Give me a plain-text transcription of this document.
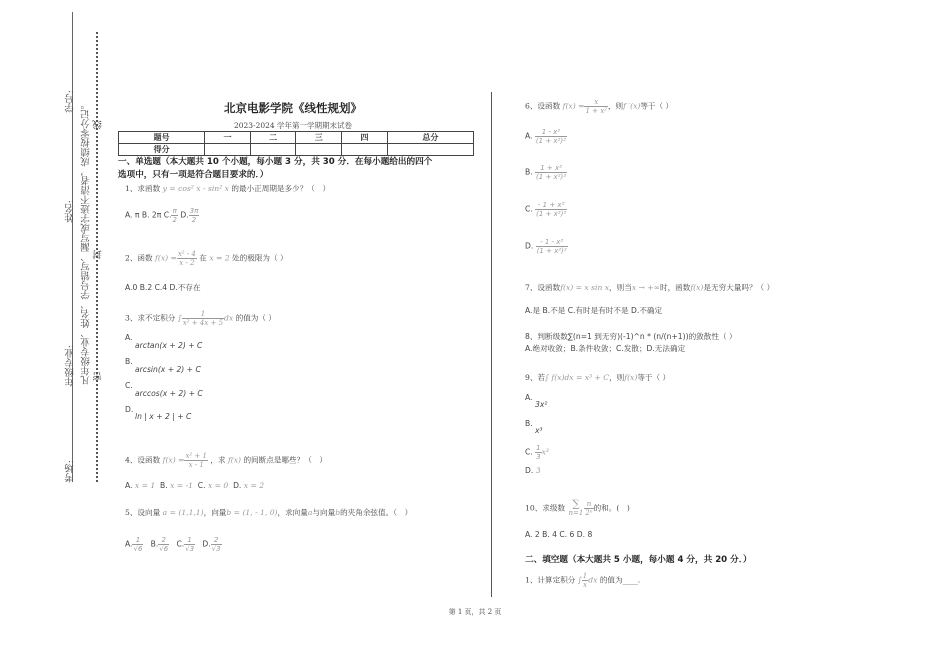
学号:
姓名:
年级专业:
考场:
凡年级专业、姓名、学号错写、漏写或字迹不清者，成绩按零分记。 线
封
密
北京电影学院《线性规划》
2023-2024 学年第一学期期末试卷
题号	一	二	三	四	总分
得分					
一、单选题（本大题共 10 个小题，每小题 3 分，共 30 分．在每小题给出的四个
选项中，只有一项是符合题目要求的．）
1、求函数 y = cos² x - sin² x 的最小正周期是多少？（　）
A. π B. 2π C. $\frac{\pi}{2} D$. $\frac{3\pi}{2}$
2、函数 $f(x) = \frac{\text{x² - 4}}{x - 2}$ 在 x = 2 处的极限为（ ）
A.0 B.2 C.4 D.不存在
3、求不定积分 ∫ $\frac{1}{\text{x² + 4x + 5}}$ dx 的值为（ ）
A.
arctan(x + 2) + C
B.
arcsin(x + 2) + C
C.
arccos(x + 2) + C
D.
ln | x + 2 | + C
4、设函数 $f(x) = \frac{\text{x² + 1}}{x - 1}$ ，求 f(x) 的间断点是哪些？（　）
A. x = 1 B. x = -1 C. x = 0 D. x = 2
5、设向量 a = (1,1,1)，向量b = (1, - 1, 0)，求向量a与向量b的夹角余弦值。（　）
A. $\frac{1}{√6} B$. $\frac{2}{√6} C$. $\frac{1}{√3} D$. $\frac{2}{√3}$
6、设函数 $f(x) = \frac{x}{\text{1 + x²}}$ ，则f ′(x)等于（ ）
A. $\frac{\text{1 - x²}}{\text{(1 + x²)²}}$
B. $\frac{\text{1 + x²}}{\text{(1 + x²)²}}$
C. $\frac{\text{- 1 + x²}}{\text{(1 + x²)²}}$
D. $\frac{\text{- 1 - x²}}{\text{(1 + x²)²}}$
7、设函数f(x) = x sin x，则当x → +∞时，函数f(x)是无穷大量吗？（ ）
A.是 B.不是 C.有时是有时不是 D.不确定
8、判断级数∑(n=1 到无穷)(-1)^n * (n/(n+1))的敛散性（ ）
A.绝对收敛；B.条件收敛；C.发散；D.无法确定
9、若∫ f(x)dx = x³ + C，则f(x)等于（ ）
A.
3x²
B.
x³
C. $\frac{1}{3} x^3$
D. 3
10、求级数 ∑
$n=1 \frac{n}{\text{2ⁿ}}$ 的和。(　)
A. 2 B. 4 C. 6 D. 8
二、填空题（本大题共 5 小题，每小题 4 分，共 20 分．）
1、计算定积分 ∫ $\frac{1}{x}$ dx 的值为____.
第 1 页，共 2 页
